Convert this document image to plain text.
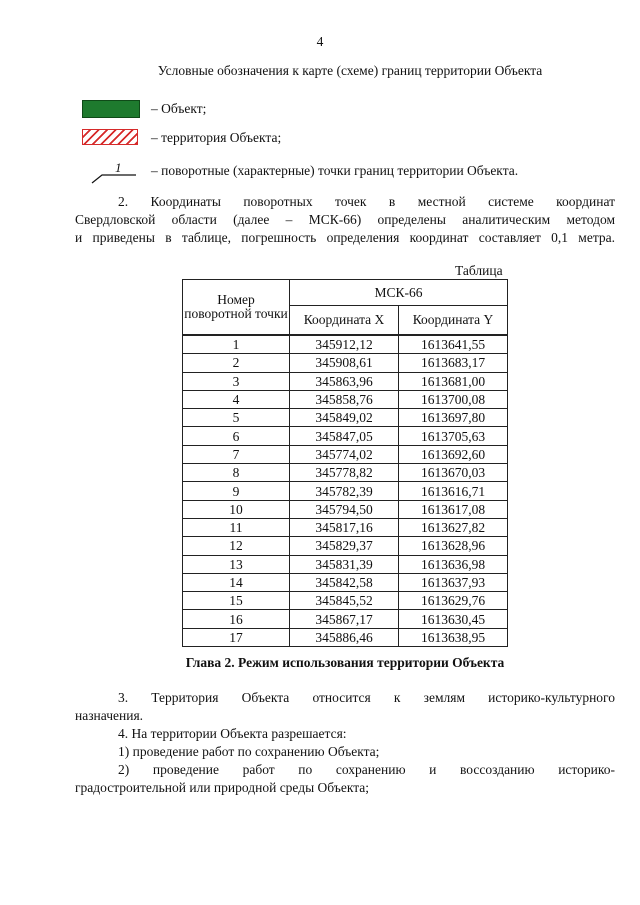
4
Условные обозначения к карте (схеме) границ территории Объекта
– Объект;
– территория Объекта;
1 – поворотные (характерные) точки границ территории Объекта.
2. Координаты поворотных точек в местной системе координат
Свердловской области (далее – МСК-66) определены аналитическим методом
и приведены в таблице, погрешность определения координат составляет 0,1 метра.
Таблица
Номер поворотной точки	МСК-66	
	Координата X	Координата Y
1	345912,12	1613641,55
2	345908,61	1613683,17
3	345863,96	1613681,00
4	345858,76	1613700,08
5	345849,02	1613697,80
6	345847,05	1613705,63
7	345774,02	1613692,60
8	345778,82	1613670,03
9	345782,39	1613616,71
10	345794,50	1613617,08
11	345817,16	1613627,82
12	345829,37	1613628,96
13	345831,39	1613636,98
14	345842,58	1613637,93
15	345845,52	1613629,76
16	345867,17	1613630,45
17	345886,46	1613638,95
Глава 2. Режим использования территории Объекта
3. Территория Объекта относится к землям историко-культурного
назначения.
4. На территории Объекта разрешается:
1) проведение работ по сохранению Объекта;
2) проведение работ по сохранению и воссозданию историко-
градостроительной или природной среды Объекта;
